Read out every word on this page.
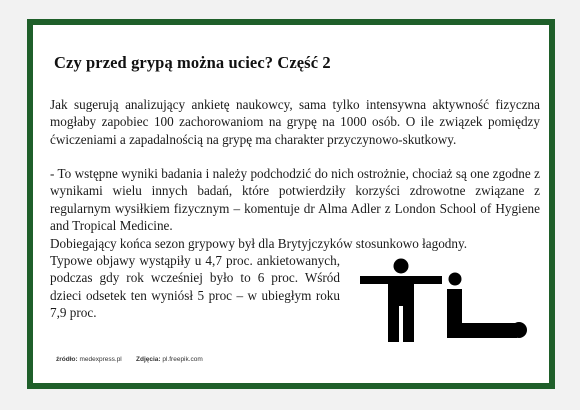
Czy przed grypą można uciec? Część 2

Jak sugerują analizujący ankietę naukowcy, sama tylko intensywna aktywność fizyczna mogłaby zapobiec 100 zachorowaniom na grypę na 1000 osób. O ile związek pomiędzy ćwiczeniami a zapadalnością na grypę ma charakter przyczynowo-skutkowy.

- To wstępne wyniki badania i należy podchodzić do nich ostrożnie, chociaż są one zgodne z wynikami wielu innych badań, które potwierdziły korzyści zdrowotne związane z regularnym wysiłkiem fizycznym – komentuje dr Alma Adler z London School of Hygiene and Tropical Medicine.

Dobiegający końca sezon grypowy był dla Brytyjczyków stosunkowo łagodny.

Typowe objawy wystąpiły u 4,7 proc. ankietowanych, podczas gdy rok wcześniej było to 6 proc. Wśród dzieci odsetek ten wyniósł 5 proc – w ubiegłym roku 7,9 proc.

źródło: medexpress.pl Zdjęcia: pl.freepik.com
